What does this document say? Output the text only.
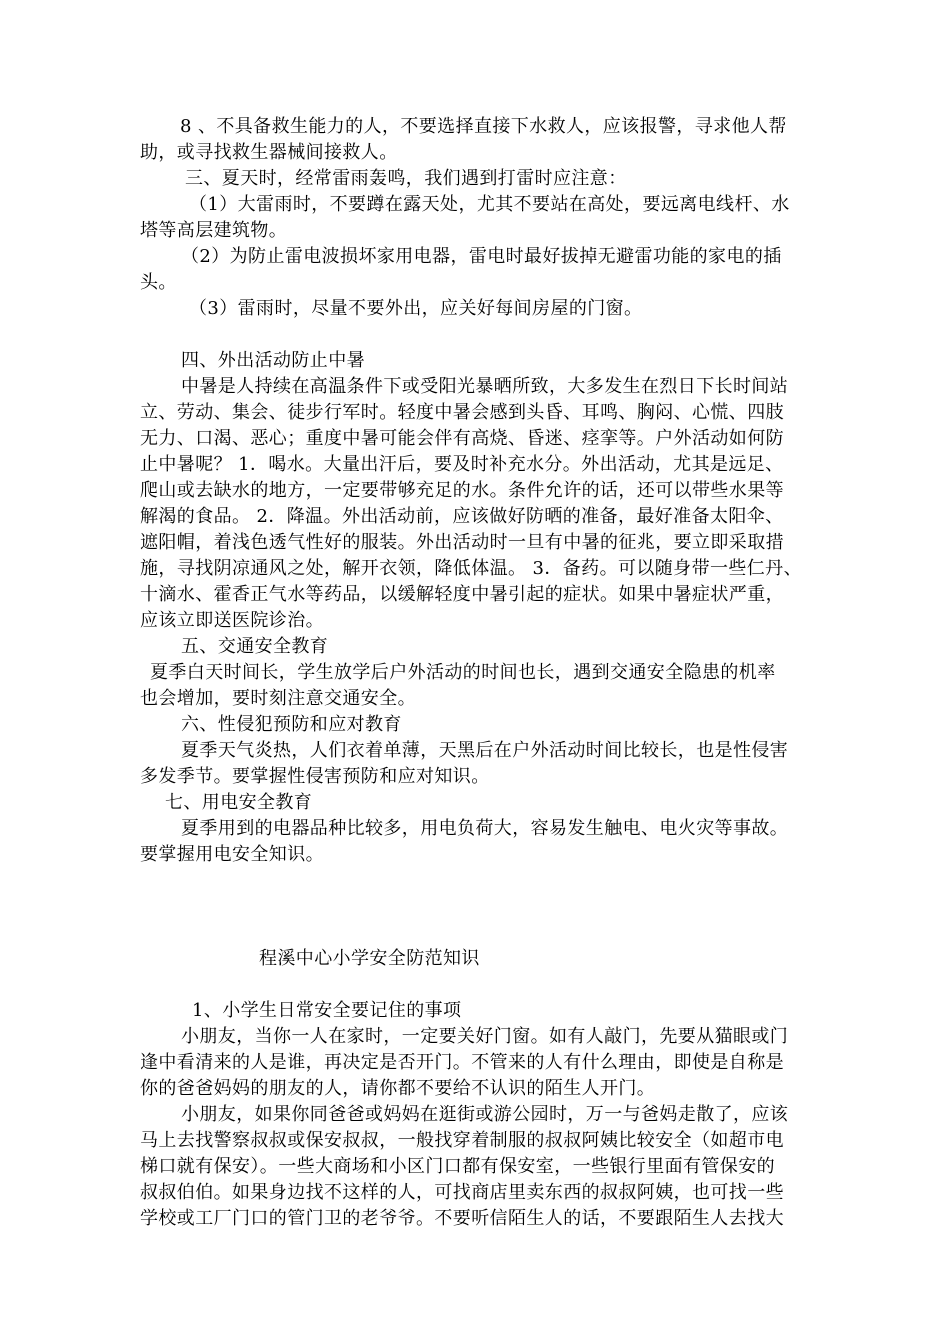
8 、不具备救生能力的人，不要选择直接下水救人，应该报警，寻求他人帮
助，或寻找救生器械间接救人。
三、夏天时，经常雷雨轰鸣，我们遇到打雷时应注意：
（1）大雷雨时，不要蹲在露天处，尤其不要站在高处，要远离电线杆、水
塔等高层建筑物。
（2）为防止雷电波损坏家用电器，雷电时最好拔掉无避雷功能的家电的插
头。
（3）雷雨时，尽量不要外出，应关好每间房屋的门窗。
四、外出活动防止中暑
中暑是人持续在高温条件下或受阳光暴晒所致，大多发生在烈日下长时间站
立、劳动、集会、徒步行军时。轻度中暑会感到头昏、耳鸣、胸闷、心慌、四肢
无力、口渴、恶心；重度中暑可能会伴有高烧、昏迷、痉挛等。户外活动如何防
止中暑呢？ 1．喝水。大量出汗后，要及时补充水分。外出活动，尤其是远足、
爬山或去缺水的地方，一定要带够充足的水。条件允许的话，还可以带些水果等
解渴的食品。 2．降温。外出活动前，应该做好防晒的准备，最好准备太阳伞、
遮阳帽，着浅色透气性好的服装。外出活动时一旦有中暑的征兆，要立即采取措
施，寻找阴凉通风之处，解开衣领，降低体温。 3．备药。可以随身带一些仁丹、
十滴水、霍香正气水等药品，以缓解轻度中暑引起的症状。如果中暑症状严重，
应该立即送医院诊治。
五、交通安全教育
夏季白天时间长，学生放学后户外活动的时间也长，遇到交通安全隐患的机率
也会增加，要时刻注意交通安全。
六、性侵犯预防和应对教育
夏季天气炎热，人们衣着单薄，天黑后在户外活动时间比较长，也是性侵害
多发季节。要掌握性侵害预防和应对知识。
七、用电安全教育
夏季用到的电器品种比较多，用电负荷大，容易发生触电、电火灾等事故。
要掌握用电安全知识。
程溪中心小学安全防范知识
1、小学生日常安全要记住的事项
小朋友，当你一人在家时，一定要关好门窗。如有人敲门，先要从猫眼或门
逢中看清来的人是谁，再决定是否开门。不管来的人有什么理由，即使是自称是
你的爸爸妈妈的朋友的人，请你都不要给不认识的陌生人开门。
小朋友，如果你同爸爸或妈妈在逛街或游公园时，万一与爸妈走散了，应该
马上去找警察叔叔或保安叔叔，一般找穿着制服的叔叔阿姨比较安全（如超市电
梯口就有保安）。一些大商场和小区门口都有保安室，一些银行里面有管保安的
叔叔伯伯。如果身边找不这样的人，可找商店里卖东西的叔叔阿姨，也可找一些
学校或工厂门口的管门卫的老爷爷。不要听信陌生人的话，不要跟陌生人去找大
